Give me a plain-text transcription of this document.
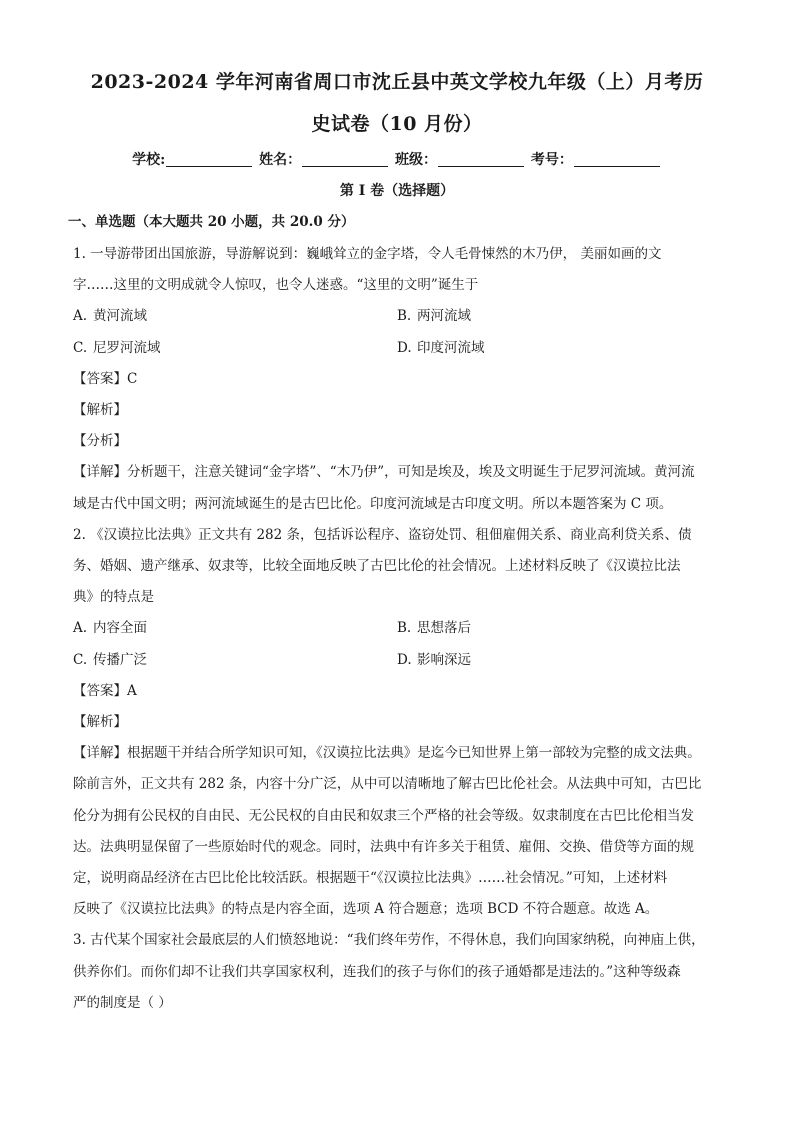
2023-2024 学年河南省周口市沈丘县中英文学校九年级（上）月考历
史试卷（10 月份）
学校:	姓名：	班级：	考号：
第 I 卷（选择题）
一、单选题（本大题共 20 小题，共 20.0 分）
1. 一导游带团出国旅游，导游解说到：巍峨耸立的金字塔，令人毛骨悚然的木乃伊， 美丽如画的文
字……这里的文明成就令人惊叹，也令人迷惑。“这里的文明”诞生于
A. 黄河流域	B. 两河流域
C. 尼罗河流域	D. 印度河流域
【答案】C
【解析】
【分析】
【详解】分析题干，注意关键词“金字塔”、“木乃伊”，可知是埃及，埃及文明诞生于尼罗河流域。黄河流
域是古代中国文明；两河流域诞生的是古巴比伦。印度河流域是古印度文明。所以本题答案为 C 项。
2. 《汉谟拉比法典》正文共有 282 条，包括诉讼程序、盗窃处罚、租佃雇佣关系、商业高利贷关系、债
务、婚姻、遗产继承、奴隶等，比较全面地反映了古巴比伦的社会情况。上述材料反映了《汉谟拉比法
典》的特点是
A. 内容全面	B. 思想落后
C. 传播广泛	D. 影响深远
【答案】A
【解析】
【详解】根据题干并结合所学知识可知，《汉谟拉比法典》是迄今已知世界上第一部较为完整的成文法典。
除前言外，正文共有 282 条，内容十分广泛，从中可以清晰地了解古巴比伦社会。从法典中可知，古巴比
伦分为拥有公民权的自由民、无公民权的自由民和奴隶三个严格的社会等级。奴隶制度在古巴比伦相当发
达。法典明显保留了一些原始时代的观念。同时，法典中有许多关于租赁、雇佣、交换、借贷等方面的规
定，说明商品经济在古巴比伦比较活跃。根据题干“《汉谟拉比法典》……社会情况。”可知，上述材料
反映了《汉谟拉比法典》的特点是内容全面，选项 A 符合题意；选项 BCD 不符合题意。故选 A。
3. 古代某个国家社会最底层的人们愤怒地说：“我们终年劳作，不得休息，我们向国家纳税，向神庙上供，
供养你们。而你们却不让我们共享国家权利，连我们的孩子与你们的孩子通婚都是违法的。”这种等级森
严的制度是（ ）
